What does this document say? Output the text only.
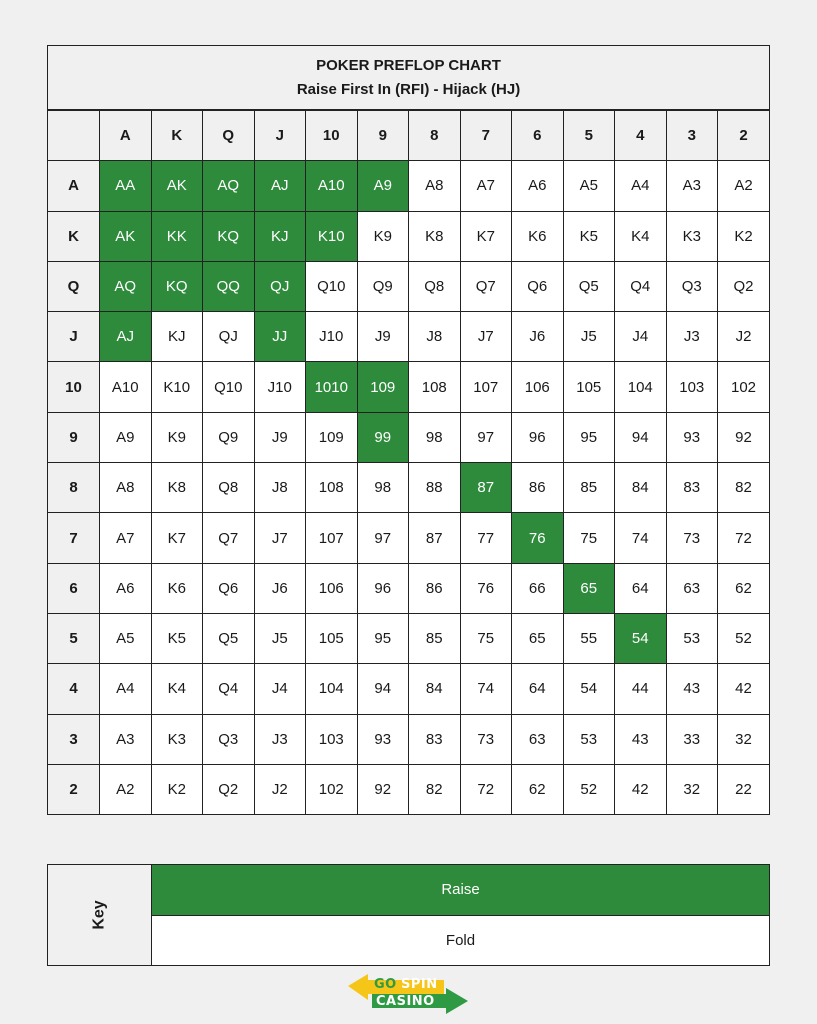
POKER PREFLOP CHART
Raise First In (RFI) - Hijack (HJ)
	A	K	Q	J	10	9	8	7	6	5	4	3	2
A	AA	AK	AQ	AJ	A10	A9	A8	A7	A6	A5	A4	A3	A2
K	AK	KK	KQ	KJ	K10	K9	K8	K7	K6	K5	K4	K3	K2
Q	AQ	KQ	QQ	QJ	Q10	Q9	Q8	Q7	Q6	Q5	Q4	Q3	Q2
J	AJ	KJ	QJ	JJ	J10	J9	J8	J7	J6	J5	J4	J3	J2
10	A10	K10	Q10	J10	1010	109	108	107	106	105	104	103	102
9	A9	K9	Q9	J9	109	99	98	97	96	95	94	93	92
8	A8	K8	Q8	J8	108	98	88	87	86	85	84	83	82
7	A7	K7	Q7	J7	107	97	87	77	76	75	74	73	72
6	A6	K6	Q6	J6	106	96	86	76	66	65	64	63	62
5	A5	K5	Q5	J5	105	95	85	75	65	55	54	53	52
4	A4	K4	Q4	J4	104	94	84	74	64	54	44	43	42
3	A3	K3	Q3	J3	103	93	83	73	63	53	43	33	32
2	A2	K2	Q2	J2	102	92	82	72	62	52	42	32	22
Key
Raise
Fold
GO SPIN
CASINO
